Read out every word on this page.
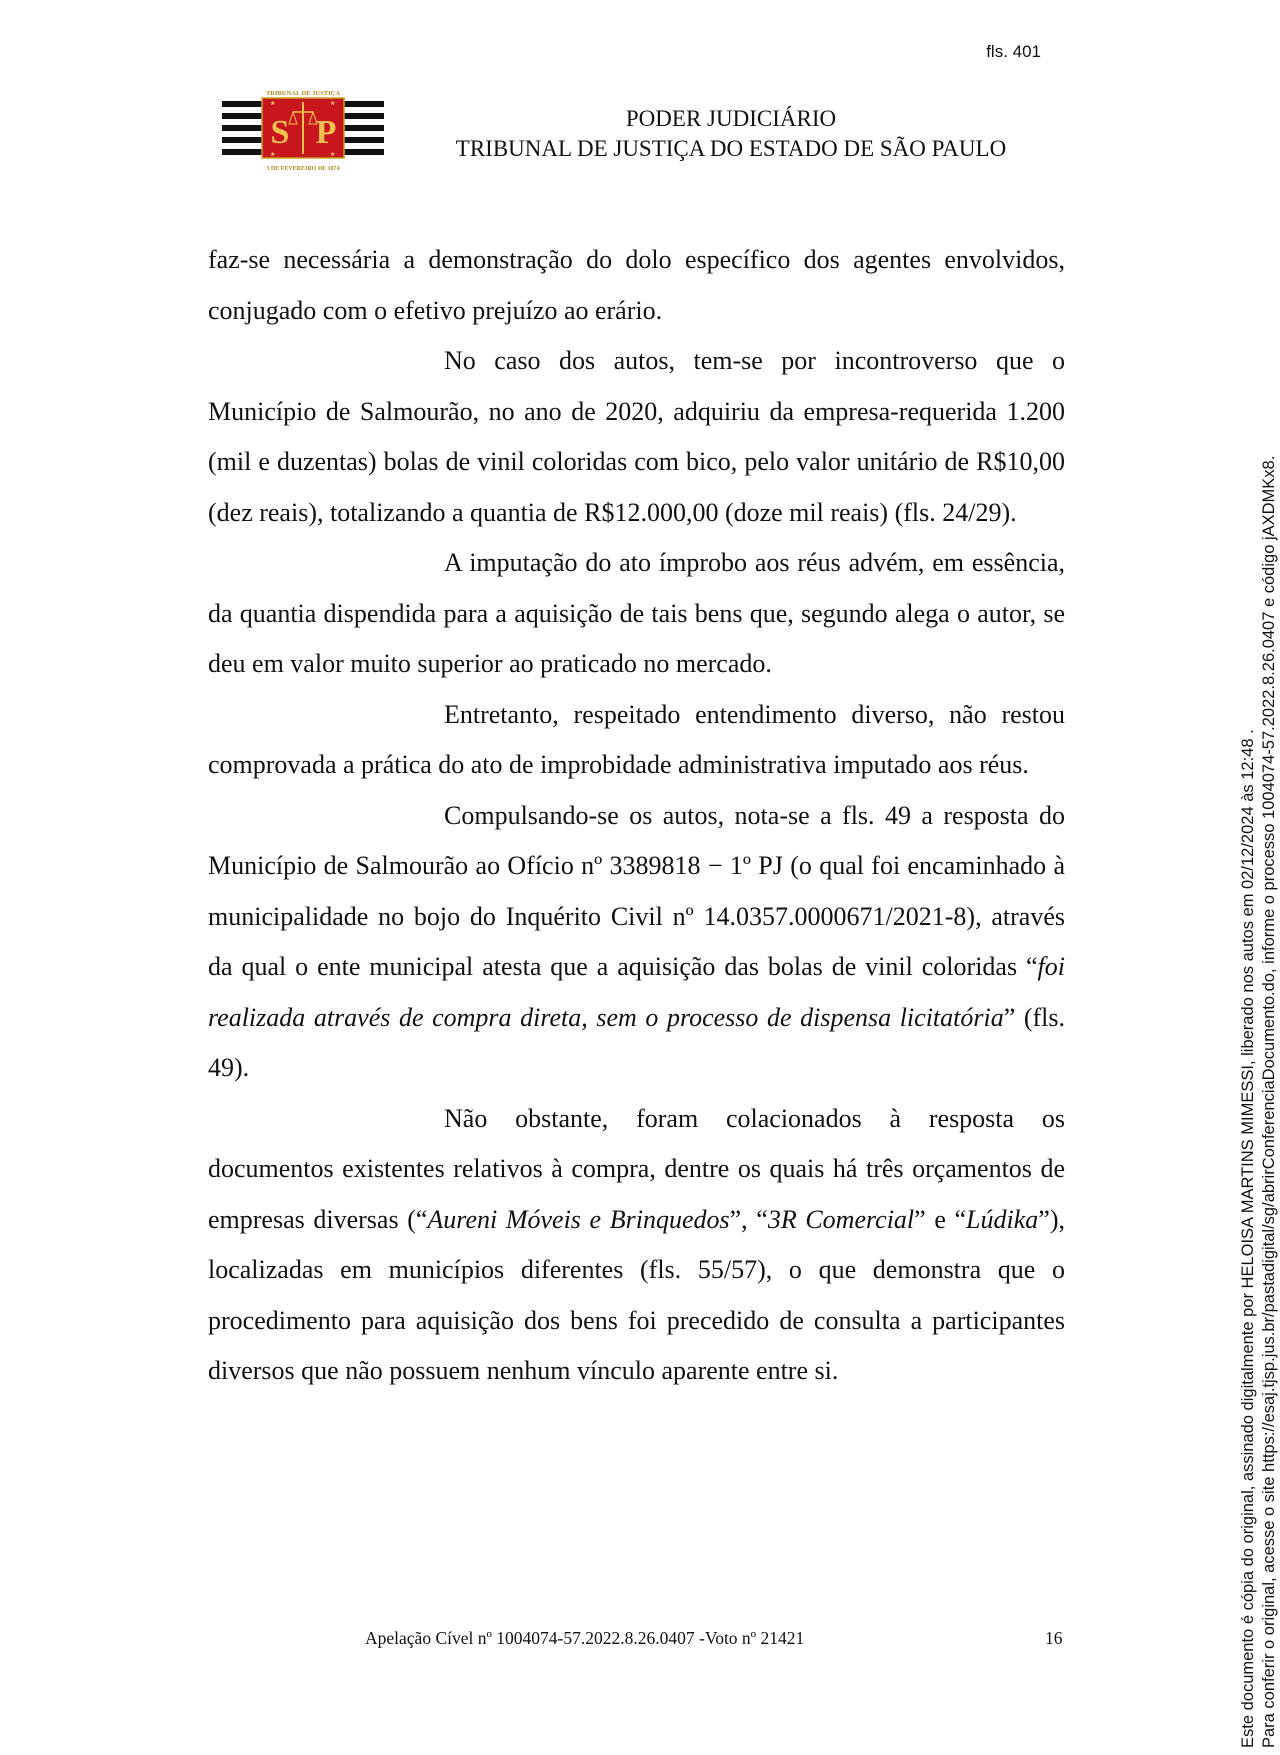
fls. 401
TRIBUNAL DE JUSTIÇA
★	★
★	★
S P
3 DE FEVEREIRO DE 1874
PODER JUDICIÁRIO
TRIBUNAL DE JUSTIÇA DO ESTADO DE SÃO PAULO

faz-se necessária a demonstração do dolo específico dos agentes envolvidos, conjugado com o efetivo prejuízo ao erário.

No caso dos autos, tem-se por incontroverso que o Município de Salmourão, no ano de 2020, adquiriu da empresa-requerida 1.200 (mil e duzentas) bolas de vinil coloridas com bico, pelo valor unitário de R$10,00 (dez reais), totalizando a quantia de R$12.000,00 (doze mil reais) (fls. 24/29).

A imputação do ato ímprobo aos réus advém, em essência, da quantia dispendida para a aquisição de tais bens que, segundo alega o autor, se deu em valor muito superior ao praticado no mercado.

Entretanto, respeitado entendimento diverso, não restou comprovada a prática do ato de improbidade administrativa imputado aos réus.

Compulsando-se os autos, nota-se a fls. 49 a resposta do Município de Salmourão ao Ofício nº 3389818 − 1º PJ (o qual foi encaminhado à municipalidade no bojo do Inquérito Civil nº 14.0357.0000671/2021-8), através da qual o ente municipal atesta que a aquisição das bolas de vinil coloridas “foi realizada através de compra direta, sem o processo de dispensa licitatória” (fls. 49).

Não obstante, foram colacionados à resposta os documentos existentes relativos à compra, dentre os quais há três orçamentos de empresas diversas (“Aureni Móveis e Brinquedos”, “3R Comercial” e “Lúdika”), localizadas em municípios diferentes (fls. 55/57), o que demonstra que o procedimento para aquisição dos bens foi precedido de consulta a participantes diversos que não possuem nenhum vínculo aparente entre si.

Apelação Cível nº 1004074-57.2022.8.26.0407 -Voto nº 21421	16	Este documento é cópia do original, assinado digitalmente por HELOISA MARTINS MIMESSI, liberado nos autos em 02/12/2024 às 12:48 . Para conferir o original, acesse o site https://esaj.tjsp.jus.br/pastadigital/sg/abrirConferenciaDocumento.do, informe o processo 1004074-57.2022.8.26.0407 e código jAXDMKx8.
